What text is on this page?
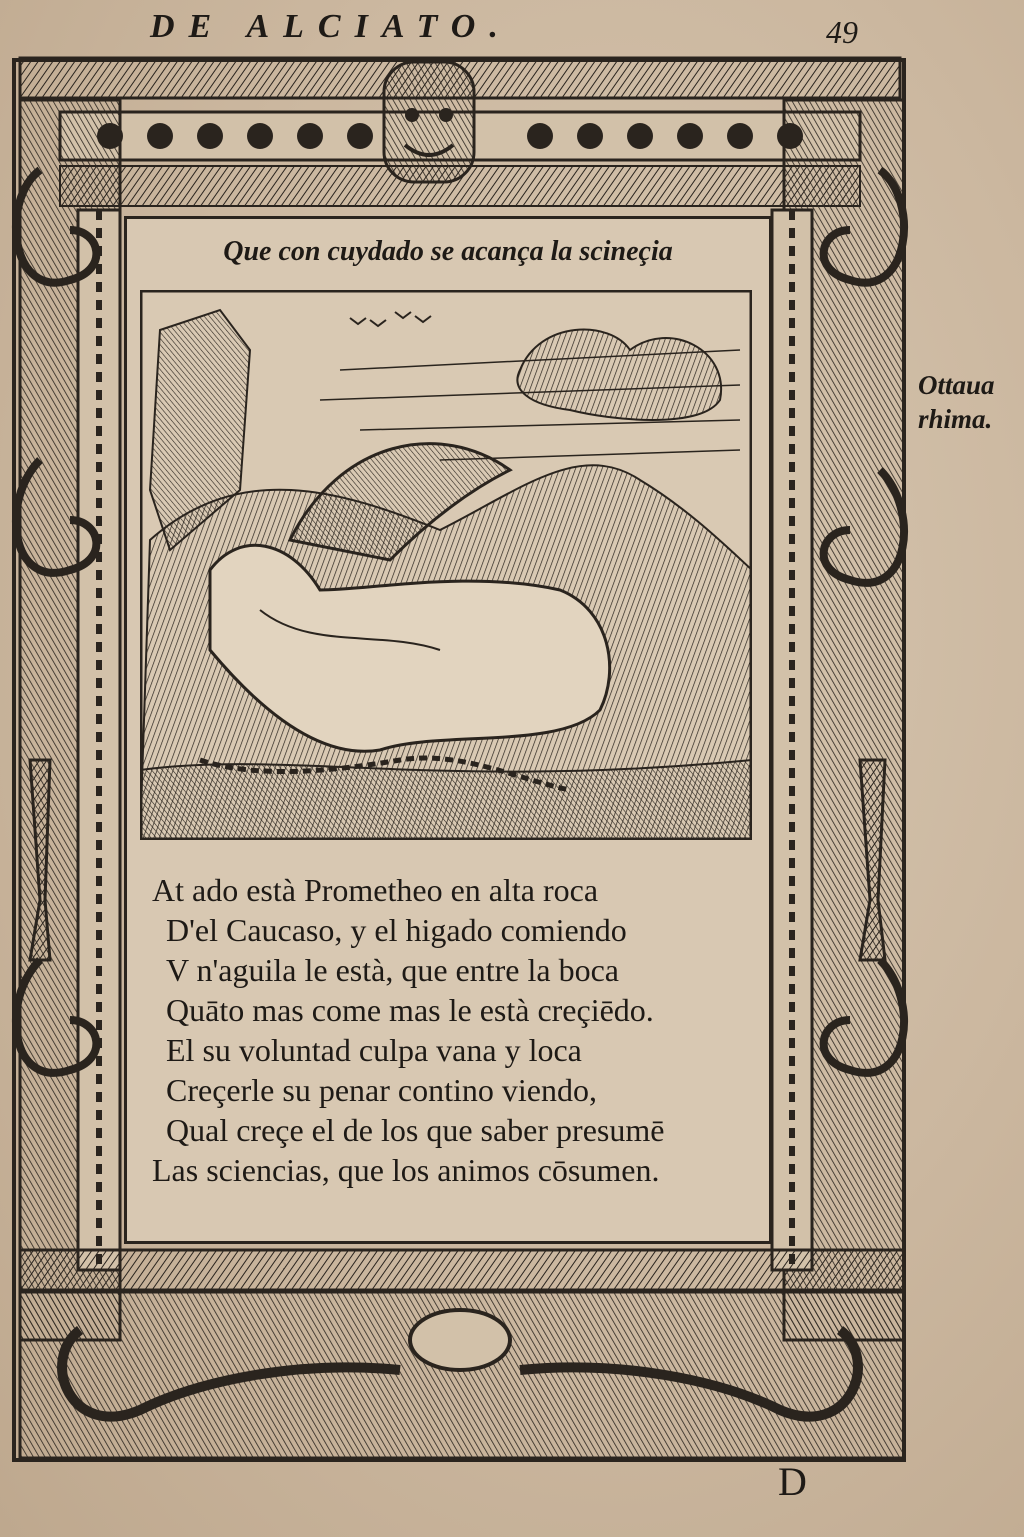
DE ALCIATO.	49
Que con cuydado se acança la scineçia
At ado està Prometheo en alta roca
D'el Caucaso, y el higado comiendo
V n'aguila le està, que entre la boca
Quāto mas come mas le està creçiēdo.
El su voluntad culpa vana y loca
Creçerle su penar contino viendo,
Qual creçe el de los que saber presumē
Las sciencias, que los animos cōsumen.
Ottaua
rhima.
D
